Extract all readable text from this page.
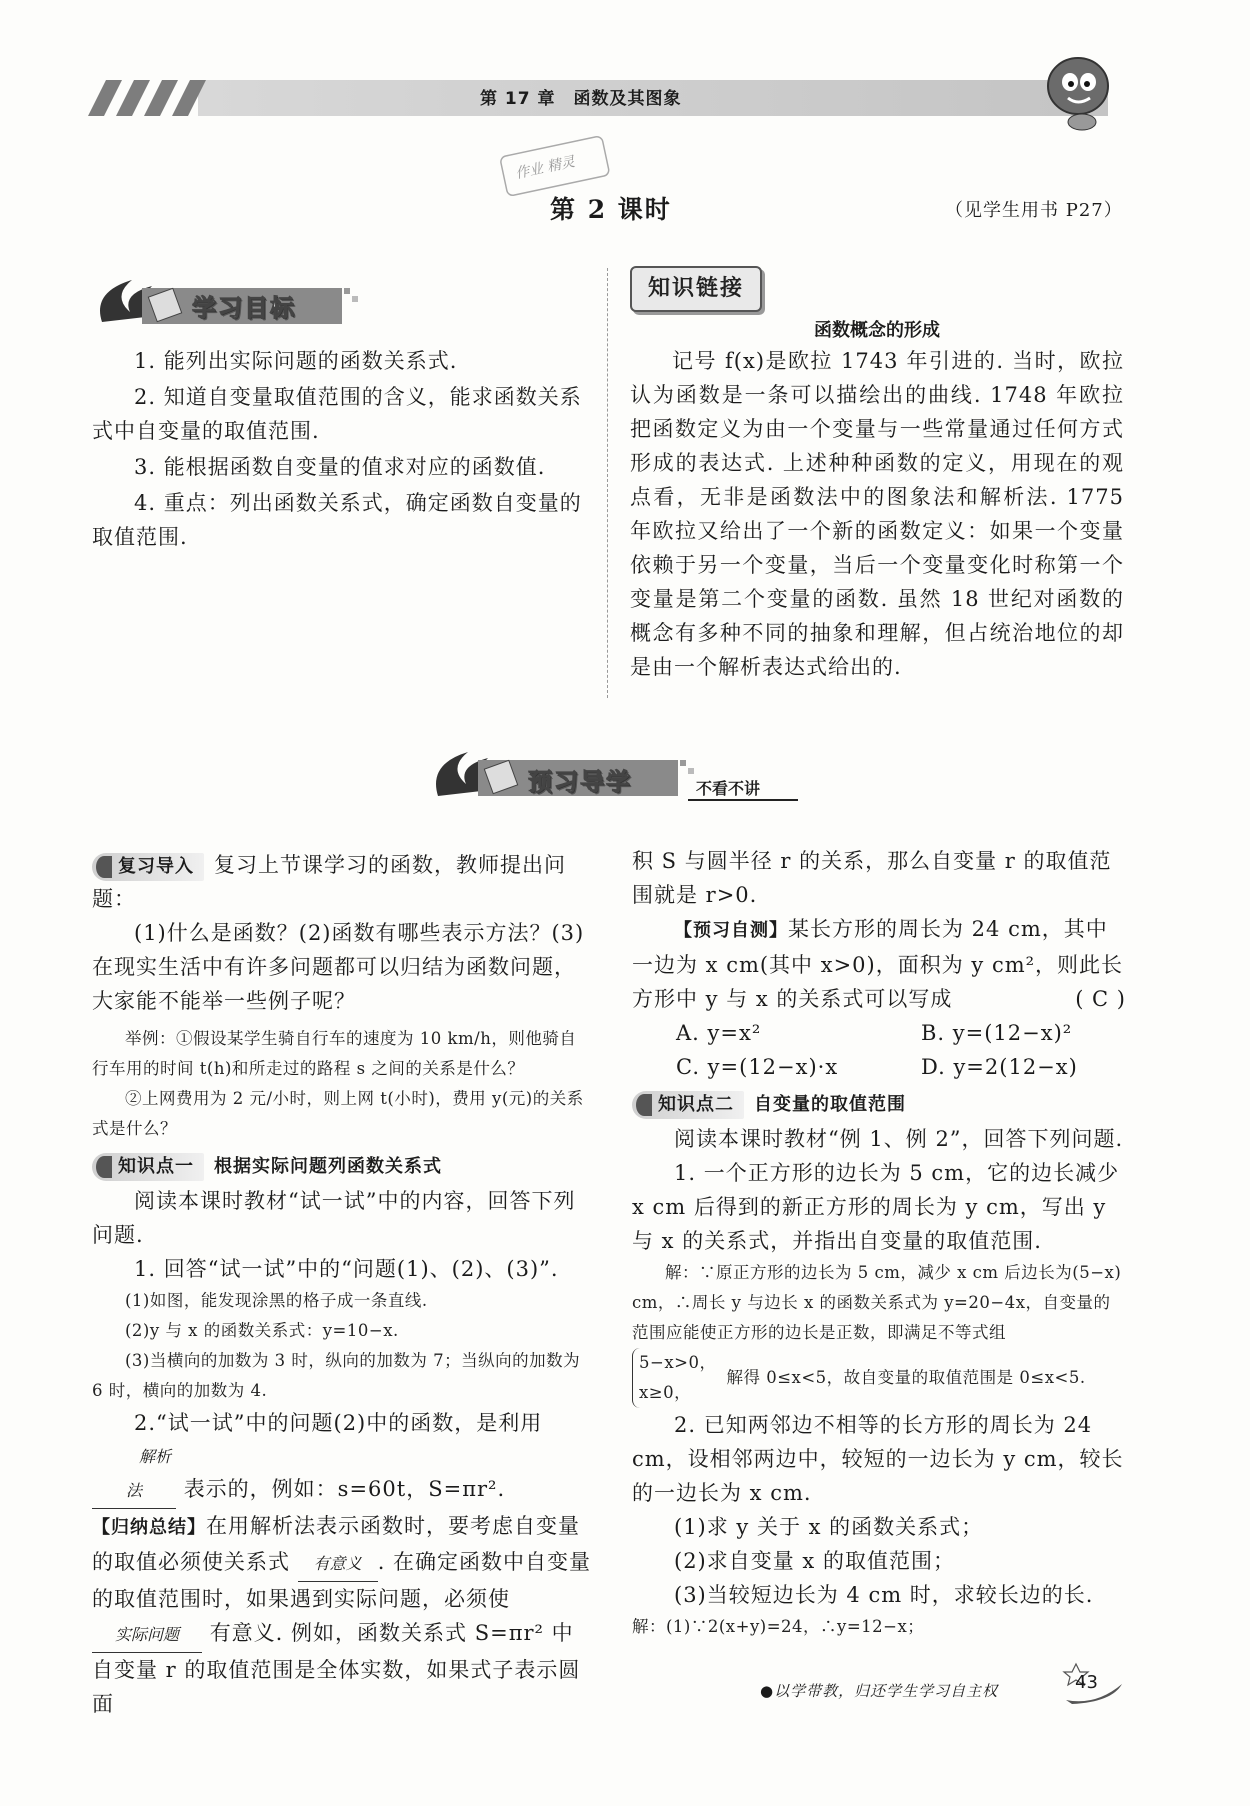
第 17 章　函数及其图象
作业 精灵
第 2 课时	（见学生用书 P27）
学习目标

1. 能列出实际问题的函数关系式.

2. 知道自变量取值范围的含义，能求函数关系式中自变量的取值范围.

3. 能根据函数自变量的值求对应的函数值.

4. 重点：列出函数关系式，确定函数自变量的取值范围.

知识链接
函数概念的形成
记号 f(x)是欧拉 1743 年引进的. 当时，欧拉认为函数是一条可以描绘出的曲线. 1748 年欧拉把函数定义为由一个变量与一些常量通过任何方式形成的表达式. 上述种种函数的定义，用现在的观点看，无非是函数法中的图象法和解析法. 1775 年欧拉又给出了一个新的函数定义：如果一个变量依赖于另一个变量，当后一个变量变化时称第一个变量是第二个变量的函数. 虽然 18 世纪对函数的概念有多种不同的抽象和理解，但占统治地位的却是由一个解析表达式给出的.
预习导学	不看不讲

复习导入 复习上节课学习的函数，教师提出问题：

(1)什么是函数？(2)函数有哪些表示方法？(3)在现实生活中有许多问题都可以归结为函数问题，大家能不能举一些例子呢？

举例：①假设某学生骑自行车的速度为 10 km/h，则他骑自行车用的时间 t(h)和所走过的路程 s 之间的关系是什么？

②上网费用为 2 元/小时，则上网 t(小时)，费用 y(元)的关系式是什么？

知识点一 根据实际问题列函数关系式

阅读本课时教材“试一试”中的内容，回答下列问题.

1. 回答“试一试”中的“问题(1)、(2)、(3)”.

(1)如图，能发现涂黑的格子成一条直线.

(2)y 与 x 的函数关系式：y=10−x.

(3)当横向的加数为 3 时，纵向的加数为 7；当纵向的加数为 6 时，横向的加数为 4.

2.“试一试”中的问题(2)中的函数，是利用 解析法 表示的，例如：s=60t，S=πr².

【归纳总结】在用解析法表示函数时，要考虑自变量的取值必须使关系式 有意义 . 在确定函数中自变量的取值范围时，如果遇到实际问题，必须使 实际问题 有意义. 例如，函数关系式 S=πr² 中自变量 r 的取值范围是全体实数，如果式子表示圆面

积 S 与圆半径 r 的关系，那么自变量 r 的取值范围就是 r>0.

【预习自测】某长方形的周长为 24 cm，其中一边为 x cm(其中 x>0)，面积为 y cm²，则此长方形中 y 与 x 的关系式可以写成	( C )

A. y=x²	B. y=(12−x)²
C. y=(12−x)·x	D. y=2(12−x)

知识点二 自变量的取值范围

阅读本课时教材“例 1、例 2”，回答下列问题.

1. 一个正方形的边长为 5 cm，它的边长减少 x cm 后得到的新正方形的周长为 y cm，写出 y 与 x 的关系式，并指出自变量的取值范围.

解：∵原正方形的边长为 5 cm，减少 x cm 后边长为(5−x) cm，∴周长 y 与边长 x 的函数关系式为 y=20−4x，自变量的范围应能使正方形的边长是正数，即满足不等式组

5−x>0，
x≥0，
解得 0≤x<5，故自变量的取值范围是 0≤x<5.

2. 已知两邻边不相等的长方形的周长为 24 cm，设相邻两边中，较短的一边长为 y cm，较长的一边长为 x cm.

(1)求 y 关于 x 的函数关系式；

(2)求自变量 x 的取值范围；

(3)当较短边长为 4 cm 时，求较长边的长.

解：(1)∵2(x+y)=24，∴y=12−x；

●以学带教，归还学生学习自主权	43
